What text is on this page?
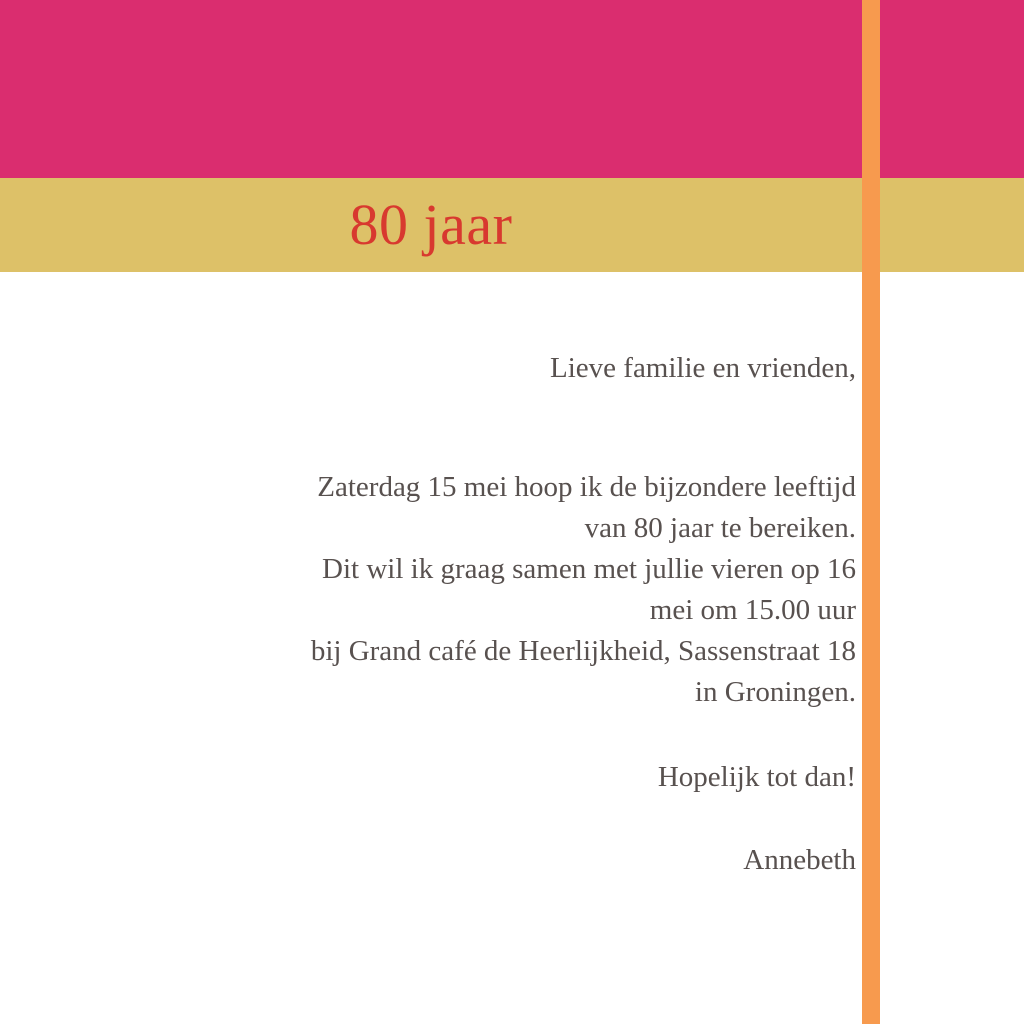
80 jaar
Lieve familie en vrienden,
Zaterdag 15 mei hoop ik de bijzondere leeftijd
van 80 jaar te bereiken.
Dit wil ik graag samen met jullie vieren op 16
mei om 15.00 uur
bij Grand café de Heerlijkheid, Sassenstraat 18
in Groningen.
Hopelijk tot dan!
Annebeth
